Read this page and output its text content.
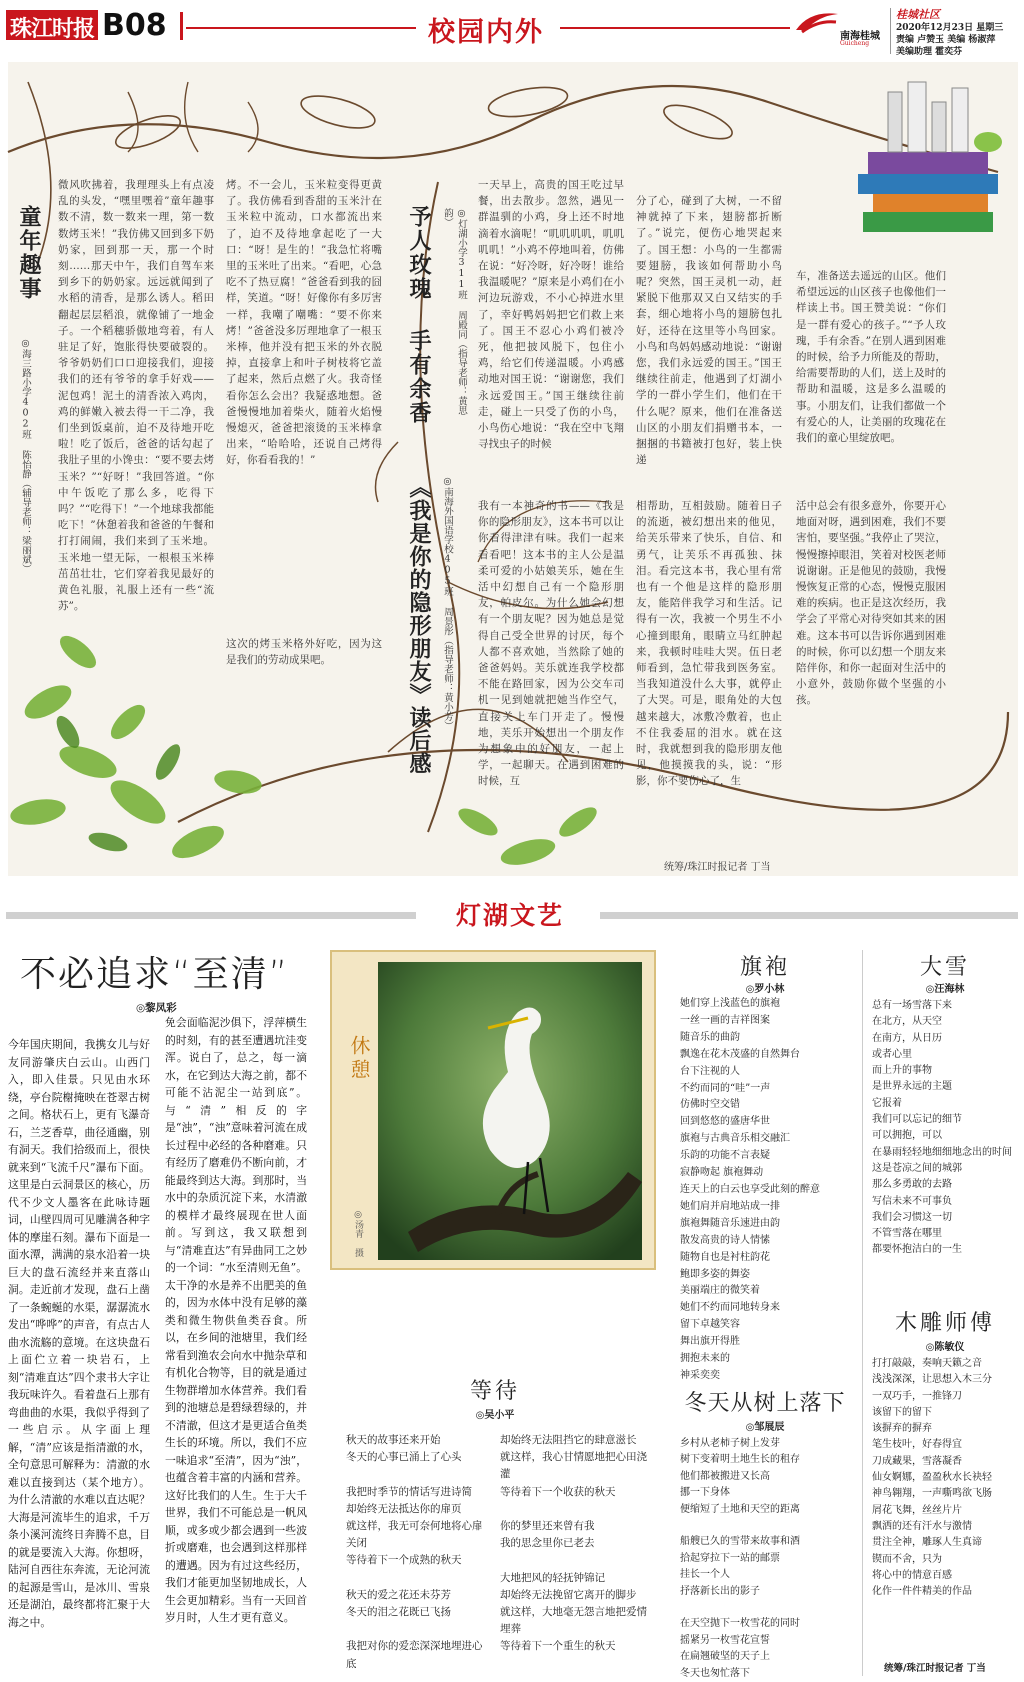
珠江时报 B08	校园内外	南海桂城
Guicheng
桂城社区
2020年12月23日 星期三
责编 卢赞玉 美编 杨淑萍
美编助理 霍奕芬
童年趣事
◎海三路小学402班 陈怡静（辅导老师：梁丽斌）
微风吹拂着，我理理头上有点凌乱的头发，“嘿里嘿着”童年趣事数不清，数一数来一理，第一数数烤玉米！”我仿佛又回到多下奶奶家，回到那一天，那一个时刻……那天中午，我们自驾车来到乡下的奶奶家。远远就闻到了水稻的清香，是那么诱人。稻田翻起层层稻浪，就像铺了一地金子。一个稻穗骄傲地弯着，有人驻足了好，饱胀得快要破裂的。爷爷奶奶们口口迎接我们，迎接我们的还有爷爷的拿手好戏——泥包鸡！泥土的清香浓入鸡肉，鸡的鲜嫩入被去得一干二净，我们坐到饭桌前，迫不及待地开吃啦！吃了饭后，爸爸的话勾起了我肚子里的小馋虫：“要不要去烤玉米？”“好呀！”我回答道。“你中午饭吃了那么多，吃得下吗？”“吃得下！”一个地球我都能吃下！”休憩着我和爸爸的午餐和打打闹闹，我们来到了玉米地。玉米地一望无际，一根根玉米棒茁茁壮壮，它们穿着我见最好的黄色礼服，礼服上还有一些“流苏”。
烤。不一会儿，玉米粒变得更黄了。我仿佛看到香甜的玉米汁在玉米粒中流动，口水都流出来了，迫不及待地拿起吃了一大口：“呀！是生的！”我急忙将嘴里的玉米吐了出来。“看吧，心急吃不了热豆腐！”爸爸看到我的囧样，笑道。“呀！好像你有多厉害一样，我嘲了嘲嘴：“要不你来烤！”爸爸没多厉理地拿了一根玉米棒，他并没有把玉米的外衣脱掉，直接拿上和叶子树枝将它盖了起来，然后点燃了火。我奇怪看你怎么会出？我疑惑地想。爸爸慢慢地加着柴火，随着火焰慢慢熄灭，爸爸把滚烫的玉米棒拿出来，“哈哈哈，还说自己烤得好，你看看我的！”
这次的烤玉米格外好吃，因为这是我们的劳动成果吧。
予人玫瑰 手有余香	◎灯湖小学311班 周殿同（指导老师：黄思韵）
一天早上，高贵的国王吃过早餐，出去散步。忽然，遇见一群温驯的小鸡，身上还不时地滴着水滴呢！“叽叽叽叽，叽叽叽叽！”小鸡不停地叫着，仿佛在说：“好冷呀，好冷呀！谁给我温暖呢？”原来是小鸡们在小河边玩游戏，不小心掉进水里了，幸好鸭妈妈把它们救上来了。国王不忍心小鸡们被冷死，他把披风脱下，包住小鸡，给它们传递温暖。小鸡感动地对国王说：“谢谢您，我们永远爱国王。”国王继续往前走，碰上一只受了伤的小鸟，小鸟伤心地说：“我在空中飞翔寻找虫子的时候
分了心，碰到了大树，一不留神就掉了下来，翅膀都折断了。”说完，便伤心地哭起来了。国王想：小鸟的一生都需要翅膀，我该如何帮助小鸟呢？突然，国王灵机一动，赶紧脱下他那双又白又结实的手套，细心地将小鸟的翅膀包扎好，还待在这里等小鸟回家。小鸟和鸟妈妈感动地说：“谢谢您，我们永远爱的国王。”国王继续往前走，他遇到了灯湖小学的一群小学生们，他们在干什么呢？原来，他们在准备送山区的小朋友们捐赠书本，一捆捆的书籍被打包好，装上快递
车，准备送去遥远的山区。他们希望远远的山区孩子也像他们一样读上书。国王赞美说：“你们是一群有爱心的孩子。”“予人玫瑰，手有余香。”在别人遇到困难的时候，给予力所能及的帮助，给需要帮助的人们，送上及时的帮助和温暖，这是多么温暖的事。小朋友们，让我们都做一个有爱心的人，让美丽的玫瑰花在我们的童心里绽放吧。
《我是你的隐形朋友》读后感	◎南海外国语学校405班 周景彤（指导老师：黄小芳） 我有一本神奇的书——《我是你的隐形朋友》，这本书可以让你看得津津有味。我们一起来看看吧！这本书的主人公是温柔可爱的小姑娘芙乐，她在生活中幻想自己有一个隐形朋友，帕皮尔。为什么她会幻想有一个朋友呢？因为她总是觉得自己受全世界的讨厌，每个人都不喜欢她，当然除了她的爸爸妈妈。芙乐就连我学校都不能在路回家，因为公交车司机一见到她就把她当作空气，直接关上车门开走了。慢慢地，芙乐开始想出一个朋友作为想象中的好朋友，一起上学，一起聊天。在遇到困难的时候，互
相帮助，互相鼓励。随着日子的流逝，被幻想出来的他见，给芙乐带来了快乐，自信、和勇气，让芙乐不再孤独、抹泪。看完这本书，我心里有常也有一个他是这样的隐形朋友，能陪伴我学习和生活。记得有一次，我被一个男生不小心撞到眼角，眼睛立马红肿起来，我顿时哇哇大哭。伍日老师看到，急忙带我到医务室。当我知道没什么大事，就停止了大哭。可是，眼角处的大包越来越大，冰敷冷敷着，也止不住我委屈的泪水。就在这时，我就想到我的隐形朋友他见，他摸摸我的头，说：“形影，你不要伤心了，生
活中总会有很多意外，你要开心地面对呀，遇到困难，我们不要害怕，要坚强。”我停止了哭泣，慢慢擦掉眼泪，笑着对校医老师说谢谢。正是他见的鼓励，我慢慢恢复正常的心态，慢慢克服困难的疾病。也正是这次经历，我学会了平常心对待突如其来的困难。这本书可以告诉你遇到困难的时候，你可以幻想一个朋友来陪伴你，和你一起面对生活中的小意外，鼓励你做个坚强的小孩。
统筹/珠江时报记者 丁当
灯湖文艺
不必追求“至清”
◎黎凤彩
今年国庆期间，我携女儿与好友同游肇庆白云山。山西门入，即入佳景。只见由水环绕，亭台院榭掩映在苍翠古树之间。格状石上，更有飞瀑奇石，兰芝香草，曲径通幽，别有洞天。我们拾级而上，很快就来到“飞流千尺”瀑布下面。这里是白云洞景区的核心，历代不少文人墨客在此咏诗题词，山壁四周可见雕满各种字体的摩崖石刻。瀑布下面是一面水潭，满满的泉水沿着一块巨大的盘石流经并来直落山洞。走近前才发现，盘石上凿了一条蜿蜒的水渠，潺潺流水发出“哗哗”的声音，有点古人曲水流觞的意境。在这块盘石上面伫立着一块岩石，上刻“清难直达”四个隶书大字让我玩味许久。看着盘石上那有弯曲曲的水渠，我似乎得到了一些启示。从字面上理解，“清”应该是指清澈的水，全句意思可解释为：清澈的水难以直接到达（某个地方）。为什么清澈的水难以直达呢？大海是河流毕生的追求，千万条小溪河流终日奔腾不息，目的就是要流入大海。你想呀，陆河自西往东奔流，无论河流的起源是雪山，是冰川、雪泉还是湖泊，最终都将汇聚于大海之中。
免会面临泥沙俱下，浮萍横生的时刻，有的甚至遭遇坑洼变浑。说白了，总之，每一滴水，在它到达大海之前，都不可能不沾泥尘一站到底”。与“清”相反的字是“浊”，“浊”意味着河流在成长过程中必经的各种磨难。只有经历了磨难仍不断向前，才能最终到达大海。到那时，当水中的杂质沉淀下来，水清澈的模样才最终展现在世人面前。写到这，我又联想到与“清难直达”有异曲同工之妙的一个词：“水至清则无鱼”。太干净的水是养不出肥美的鱼的，因为水体中没有足够的藻类和微生物供鱼类吞食。所以，在乡间的池塘里，我们经常看到渔农会向水中抛杂草和有机化合物等，目的就是通过生物群增加水体营养。我们看到的池塘总是碧绿碧绿的，并不清澈，但这才是更适合鱼类生长的环境。所以，我们不应一味追求“至清”，因为“浊”，也蕴含着丰富的内涵和营养。这好比我们的人生。生于大千世界，我们不可能总是一帆风顺，或多或少都会遇到一些波折或磨难，也会遇到这样那样的遭遇。因为有过这些经历，我们才能更加坚韧地成长，人生会更加精彩。当有一天回首岁月时，人生才更有意义。
休憩
◎汤青 摄
等待
◎吴小平
秋天的故事还来开始
冬天的心事已涌上了心头

我把时季节的情话写进诗简
却始终无法抵达你的扉页
就这样，我无可奈何地将心扉关闭
等待着下一个成熟的秋天

秋天的爱之花还未芬芳
冬天的泪之花既已飞扬

我把对你的爱恋深深地埋进心底
却始终无法阻挡它的肆意滋长
就这样，我心甘情愿地把心田浇灌
等待着下一个收获的秋天

你的梦里还来曾有我
我的思念里你已老去

大地把风的轻抚钟锦记
却始终无法挽留它离开的脚步
就这样，大地毫无怨言地把爱情埋葬
等待着下一个重生的秋天
旗袍
◎罗小林
她们穿上浅蓝色的旗袍
一丝一画的吉祥图案
随音乐的曲韵
飘逸在花木茂盛的自然舞台
台下注视的人
不约而同的“哇”一声
仿佛时空交错
回到悠悠的盛唐华世
旗袍与古典音乐相交融汇
乐韵的功能不言表疑
寂静吻起 旗袍舞动
连天上的白云也享受此刻的醉意
她们肩并肩地站成一排
旗袍舞随音乐速进由韵
散发高贵的诗人情愫
随物自也是衬柱韵花
鲍即多姿的舞姿
美丽端庄的微笑着
她们不约而同地转身来
留下卓越笑容
舞出旗开得胜
拥抱未来的
神采奕奕
冬天从树上落下
◎邹展辰
乡村从老柿子树上发芽
树下变着明土地生长的租存
他们都被搬进又长高
挪一下身体
便缩短了土地和天空的距离

船艘已久的雪带来故事和酒
拾起穿拉下一站的邮票
挂长一个人
抒落新长出的影子

在天空抛下一枚雪花的同时
摇紧另一枚雪花宣誓
在扁翘破坚的天子上
冬天也匆忙落下
大雪
◎汪海林
总有一场雪落下来
在北方，从天空
在南方，从日历
或者心里
而上升的事物
是世界永远的主题
它报着
我们可以忘记的细节
可以拥抱，可以
在暴雨轻轻地细细地念出的时间
这是苍凉之间的城郭
那么多勇敢的去路
写信未来不可事负
我们会习惯这一切
不管雪落在哪里
都要怀抱洁白的一生
木雕师傅
◎陈敏仪
打打敲敲，奏响天籁之音
浅浅深深，让思想入木三分
一双巧手，一推锋刀
该留下的留下
该摒弃的摒弃
笔生枝叶，好春得宜
刀成藏果，雪落凝香
仙女婀娜，盈盈秋水长袂轻
神鸟翱翔，一声嘶鸣欲飞肠
屑花飞舞，丝丝片片
飘洒的还有汗水与激情
贯注全神，雕琢人生真谛
锲而不舍，只为
将心中的情意百感
化作一件件精美的作品
统筹/珠江时报记者 丁当
